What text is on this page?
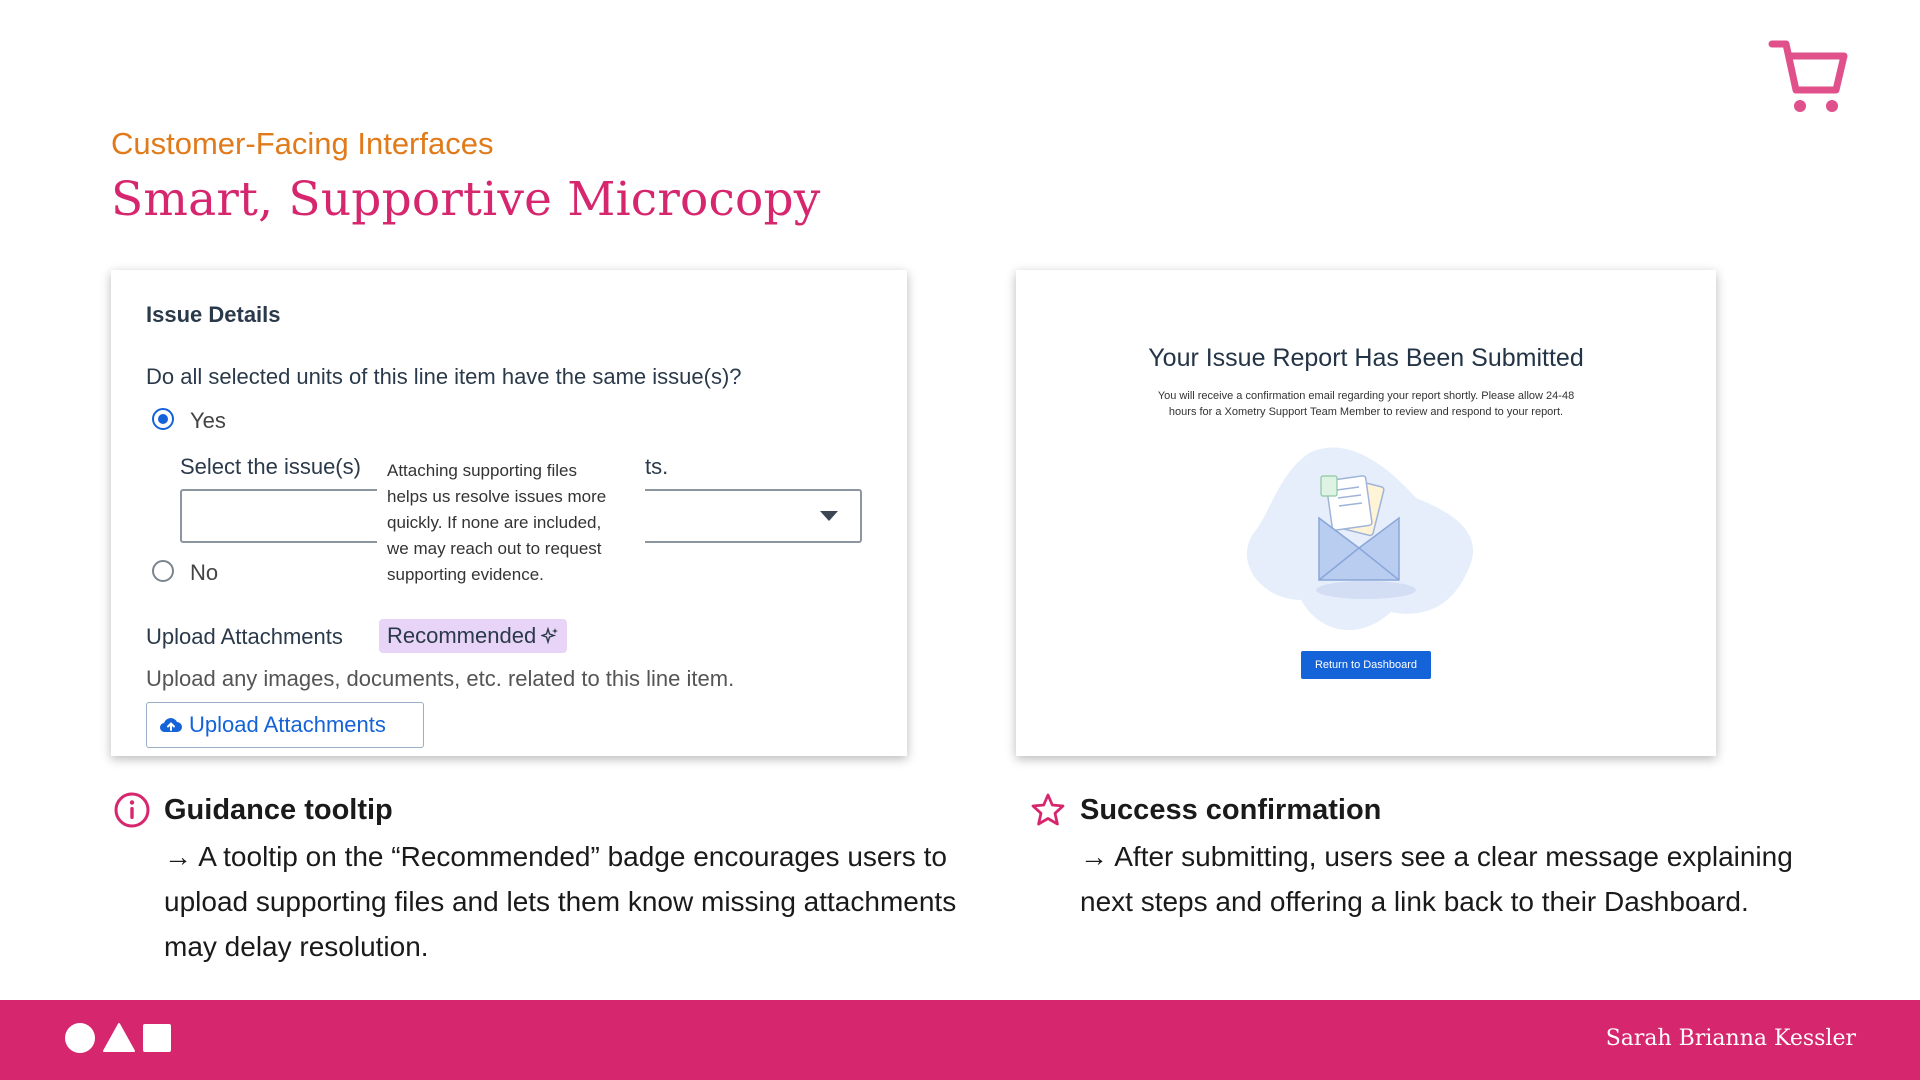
Customer-Facing Interfaces
Smart, Supportive Microcopy
Issue Details
Do all selected units of this line item have the same issue(s)?
Yes
Select the issue(s)	ts.
No
Attaching supporting files
helps us resolve issues more
quickly. If none are included,
we may reach out to request
supporting evidence.
Upload Attachments Recommended
Upload any images, documents, etc. related to this line item.
Upload Attachments
Your Issue Report Has Been Submitted
You will receive a confirmation email regarding your report shortly. Please allow 24-48
hours for a Xometry Support Team Member to review and respond to your report.
Return to Dashboard
Guidance tooltip
→ A tooltip on the “Recommended” badge encourages users to
upload supporting files and lets them know missing attachments
may delay resolution.
Success confirmation
→ After submitting, users see a clear message explaining
next steps and offering a link back to their Dashboard.
Sarah Brianna Kessler
